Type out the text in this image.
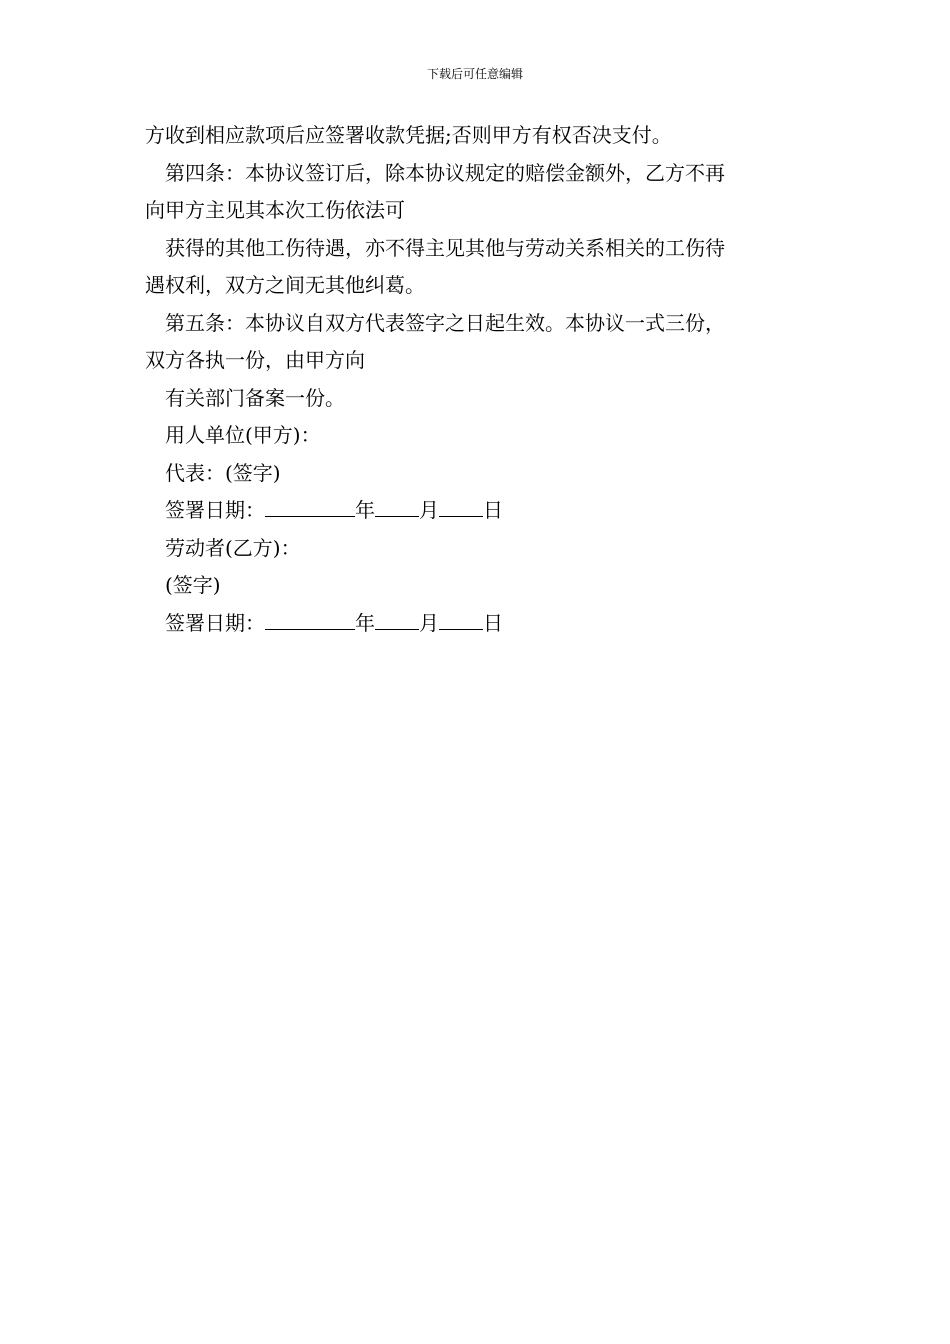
下载后可任意编辑
方收到相应款项后应签署收款凭据;否则甲方有权否决支付。
第四条：本协议签订后，除本协议规定的赔偿金额外，乙方不再
向甲方主见其本次工伤依法可
获得的其他工伤待遇，亦不得主见其他与劳动关系相关的工伤待
遇权利，双方之间无其他纠葛。
第五条：本协议自双方代表签字之日起生效。本协议一式三份，
双方各执一份，由甲方向
有关部门备案一份。
用人单位(甲方)：
代表：(签字)
签署日期：	年 月 日
劳动者(乙方)：
(签字)
签署日期：	年 月 日
